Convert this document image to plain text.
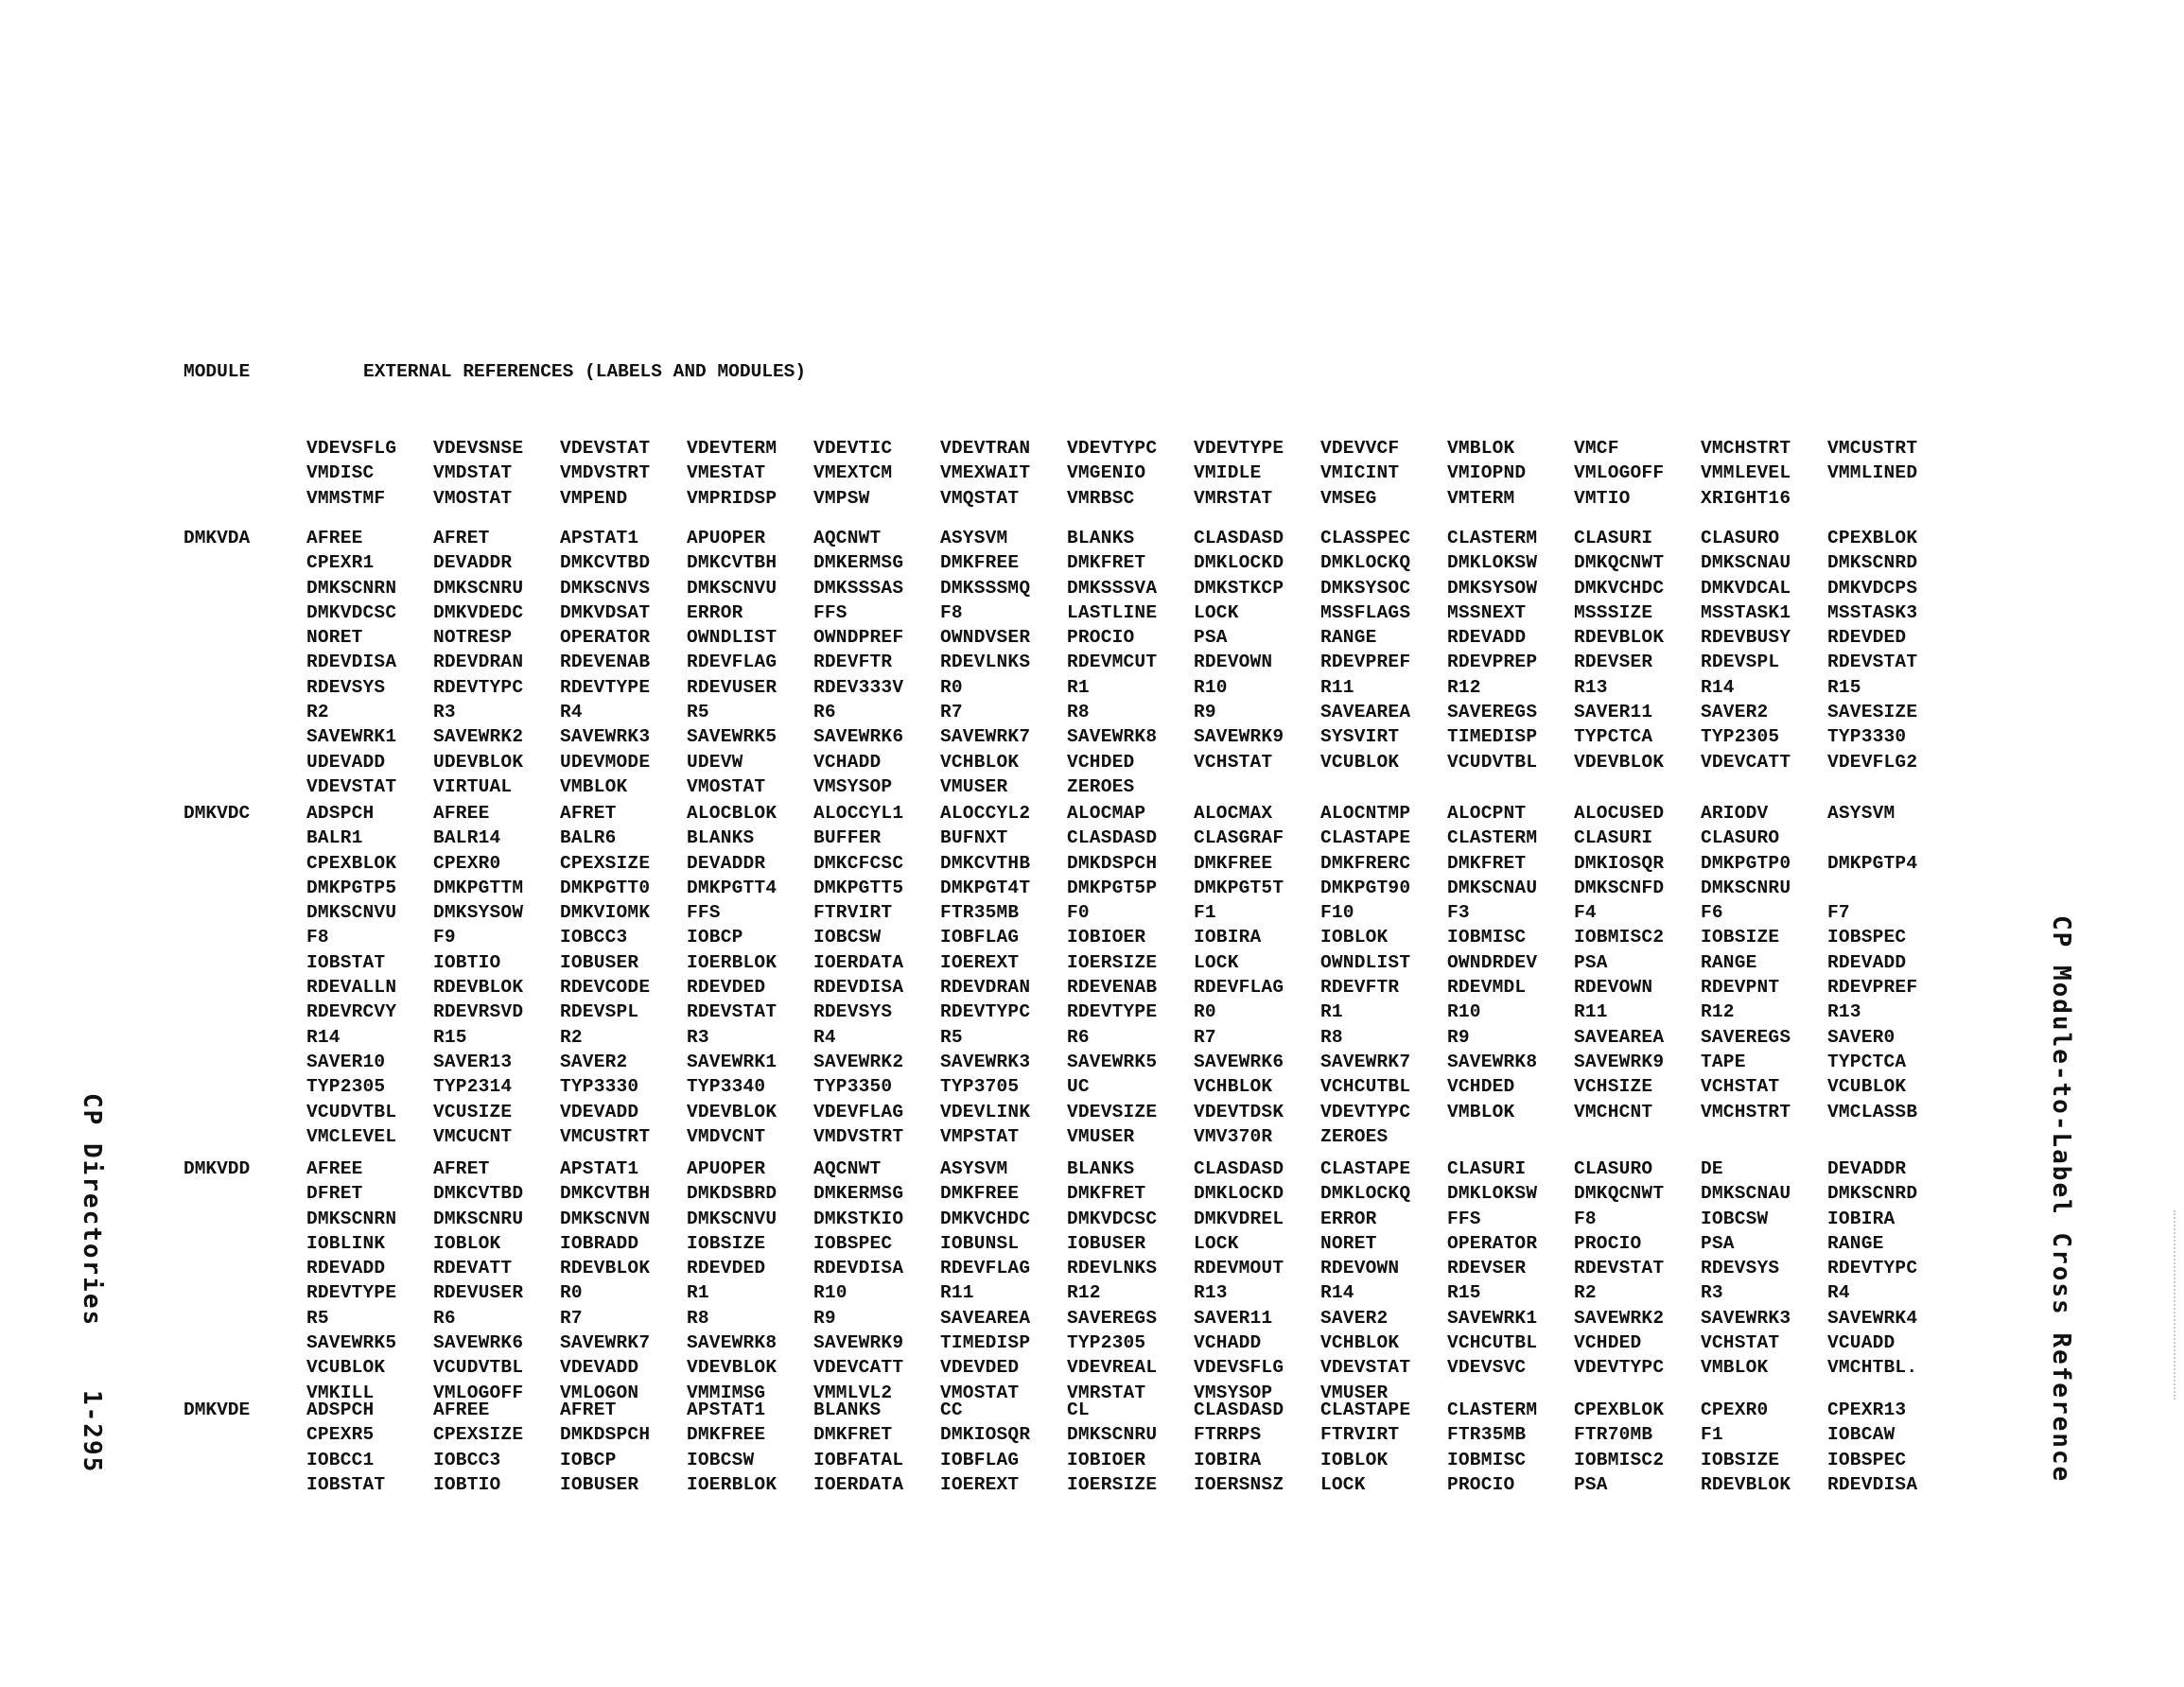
MODULE	EXTERNAL REFERENCES (LABELS AND MODULES)
VDEVSFLG	VDEVSNSE	VDEVSTAT	VDEVTERM	VDEVTIC	VDEVTRAN	VDEVTYPC	VDEVTYPE	VDEVVCF	VMBLOK	VMCF	VMCHSTRT	VMCUSTRT
VMDISC	VMDSTAT	VMDVSTRT	VMESTAT	VMEXTCM	VMEXWAIT	VMGENIO	VMIDLE	VMICINT	VMIOPND	VMLOGOFF	VMMLEVEL	VMMLINED
VMMSTMF	VMOSTAT	VMPEND	VMPRIDSP	VMPSW	VMQSTAT	VMRBSC	VMRSTAT	VMSEG	VMTERM	VMTIO	XRIGHT16
DMKVDA	AFREE	AFRET	APSTAT1	APUOPER	AQCNWT	ASYSVM	BLANKS	CLASDASD	CLASSPEC	CLASTERM	CLASURI	CLASURO	CPEXBLOK
CPEXR1	DEVADDR	DMKCVTBD	DMKCVTBH	DMKERMSG	DMKFREE	DMKFRET	DMKLOCKD	DMKLOCKQ	DMKLOKSW	DMKQCNWT	DMKSCNAU	DMKSCNRD
DMKSCNRN	DMKSCNRU	DMKSCNVS	DMKSCNVU	DMKSSSAS	DMKSSSMQ	DMKSSSVA	DMKSTKCP	DMKSYSOC	DMKSYSOW	DMKVCHDC	DMKVDCAL	DMKVDCPS
DMKVDCSC	DMKVDEDC	DMKVDSAT	ERROR	FFS	F8	LASTLINE	LOCK	MSSFLAGS	MSSNEXT	MSSSIZE	MSSTASK1	MSSTASK3
NORET	NOTRESP	OPERATOR	OWNDLIST	OWNDPREF	OWNDVSER	PROCIO	PSA	RANGE	RDEVADD	RDEVBLOK	RDEVBUSY	RDEVDED
RDEVDISA	RDEVDRAN	RDEVENAB	RDEVFLAG	RDEVFTR	RDEVLNKS	RDEVMCUT	RDEVOWN	RDEVPREF	RDEVPREP	RDEVSER	RDEVSPL	RDEVSTAT
RDEVSYS	RDEVTYPC	RDEVTYPE	RDEVUSER	RDEV333V	R0	R1	R10	R11	R12	R13	R14	R15
R2	R3	R4	R5	R6	R7	R8	R9	SAVEAREA	SAVEREGS	SAVER11	SAVER2	SAVESIZE
SAVEWRK1	SAVEWRK2	SAVEWRK3	SAVEWRK5	SAVEWRK6	SAVEWRK7	SAVEWRK8	SAVEWRK9	SYSVIRT	TIMEDISP	TYPCTCA	TYP2305	TYP3330
UDEVADD	UDEVBLOK	UDEVMODE	UDEVW	VCHADD	VCHBLOK	VCHDED	VCHSTAT	VCUBLOK	VCUDVTBL	VDEVBLOK	VDEVCATT	VDEVFLG2
VDEVSTAT	VIRTUAL	VMBLOK	VMOSTAT	VMSYSOP	VMUSER	ZEROES
DMKVDC	ADSPCH	AFREE	AFRET	ALOCBLOK	ALOCCYL1	ALOCCYL2	ALOCMAP	ALOCMAX	ALOCNTMP	ALOCPNT	ALOCUSED	ARIODV	ASYSVM
BALR1	BALR14	BALR6	BLANKS	BUFFER	BUFNXT	CLASDASD	CLASGRAF	CLASTAPE	CLASTERM	CLASURI	CLASURO
CPEXBLOK	CPEXR0	CPEXSIZE	DEVADDR	DMKCFCSC	DMKCVTHB	DMKDSPCH	DMKFREE	DMKFRERC	DMKFRET	DMKIOSQR	DMKPGTP0	DMKPGTP4
DMKPGTP5	DMKPGTTM	DMKPGTT0	DMKPGTT4	DMKPGTT5	DMKPGT4T	DMKPGT5P	DMKPGT5T	DMKPGT90	DMKSCNAU	DMKSCNFD	DMKSCNRU
DMKSCNVU	DMKSYSOW	DMKVIOMK	FFS	FTRVIRT	FTR35MB	F0	F1	F10	F3	F4	F6	F7
F8	F9	IOBCC3	IOBCP	IOBCSW	IOBFLAG	IOBIOER	IOBIRA	IOBLOK	IOBMISC	IOBMISC2	IOBSIZE	IOBSPEC
IOBSTAT	IOBTIO	IOBUSER	IOERBLOK	IOERDATA	IOEREXT	IOERSIZE	LOCK	OWNDLIST	OWNDRDEV	PSA	RANGE	RDEVADD
RDEVALLN	RDEVBLOK	RDEVCODE	RDEVDED	RDEVDISA	RDEVDRAN	RDEVENAB	RDEVFLAG	RDEVFTR	RDEVMDL	RDEVOWN	RDEVPNT	RDEVPREF
RDEVRCVY	RDEVRSVD	RDEVSPL	RDEVSTAT	RDEVSYS	RDEVTYPC	RDEVTYPE	R0	R1	R10	R11	R12	R13
R14	R15	R2	R3	R4	R5	R6	R7	R8	R9	SAVEAREA	SAVEREGS	SAVER0
SAVER10	SAVER13	SAVER2	SAVEWRK1	SAVEWRK2	SAVEWRK3	SAVEWRK5	SAVEWRK6	SAVEWRK7	SAVEWRK8	SAVEWRK9	TAPE	TYPCTCA
TYP2305	TYP2314	TYP3330	TYP3340	TYP3350	TYP3705	UC	VCHBLOK	VCHCUTBL	VCHDED	VCHSIZE	VCHSTAT	VCUBLOK
VCUDVTBL	VCUSIZE	VDEVADD	VDEVBLOK	VDEVFLAG	VDEVLINK	VDEVSIZE	VDEVTDSK	VDEVTYPC	VMBLOK	VMCHCNT	VMCHSTRT	VMCLASSB
VMCLEVEL	VMCUCNT	VMCUSTRT	VMDVCNT	VMDVSTRT	VMPSTAT	VMUSER	VMV370R	ZEROES
DMKVDD	AFREE	AFRET	APSTAT1	APUOPER	AQCNWT	ASYSVM	BLANKS	CLASDASD	CLASTAPE	CLASURI	CLASURO	DE	DEVADDR
DFRET	DMKCVTBD	DMKCVTBH	DMKDSBRD	DMKERMSG	DMKFREE	DMKFRET	DMKLOCKD	DMKLOCKQ	DMKLOKSW	DMKQCNWT	DMKSCNAU	DMKSCNRD
DMKSCNRN	DMKSCNRU	DMKSCNVN	DMKSCNVU	DMKSTKIO	DMKVCHDC	DMKVDCSC	DMKVDREL	ERROR	FFS	F8	IOBCSW	IOBIRA
IOBLINK	IOBLOK	IOBRADD	IOBSIZE	IOBSPEC	IOBUNSL	IOBUSER	LOCK	NORET	OPERATOR	PROCIO	PSA	RANGE
RDEVADD	RDEVATT	RDEVBLOK	RDEVDED	RDEVDISA	RDEVFLAG	RDEVLNKS	RDEVMOUT	RDEVOWN	RDEVSER	RDEVSTAT	RDEVSYS	RDEVTYPC
RDEVTYPE	RDEVUSER	R0	R1	R10	R11	R12	R13	R14	R15	R2	R3	R4
R5	R6	R7	R8	R9	SAVEAREA	SAVEREGS	SAVER11	SAVER2	SAVEWRK1	SAVEWRK2	SAVEWRK3	SAVEWRK4
SAVEWRK5	SAVEWRK6	SAVEWRK7	SAVEWRK8	SAVEWRK9	TIMEDISP	TYP2305	VCHADD	VCHBLOK	VCHCUTBL	VCHDED	VCHSTAT	VCUADD
VCUBLOK	VCUDVTBL	VDEVADD	VDEVBLOK	VDEVCATT	VDEVDED	VDEVREAL	VDEVSFLG	VDEVSTAT	VDEVSVC	VDEVTYPC	VMBLOK	VMCHTBL.
VMKILL	VMLOGOFF	VMLOGON	VMMIMSG	VMMLVL2	VMOSTAT	VMRSTAT	VMSYSOP	VMUSER
DMKVDE	ADSPCH	AFREE	AFRET	APSTAT1	BLANKS	CC	CL	CLASDASD	CLASTAPE	CLASTERM	CPEXBLOK	CPEXR0	CPEXR13
CPEXR5	CPEXSIZE	DMKDSPCH	DMKFREE	DMKFRET	DMKIOSQR	DMKSCNRU	FTRRPS	FTRVIRT	FTR35MB	FTR70MB	F1	IOBCAW
IOBCC1	IOBCC3	IOBCP	IOBCSW	IOBFATAL	IOBFLAG	IOBIOER	IOBIRA	IOBLOK	IOBMISC	IOBMISC2	IOBSIZE	IOBSPEC
IOBSTAT	IOBTIO	IOBUSER	IOERBLOK	IOERDATA	IOEREXT	IOERSIZE	IOERSNSZ	LOCK	PROCIO	PSA	RDEVBLOK	RDEVDISA
CP Directories
1-295	CP Module-to-Label Cross Reference
